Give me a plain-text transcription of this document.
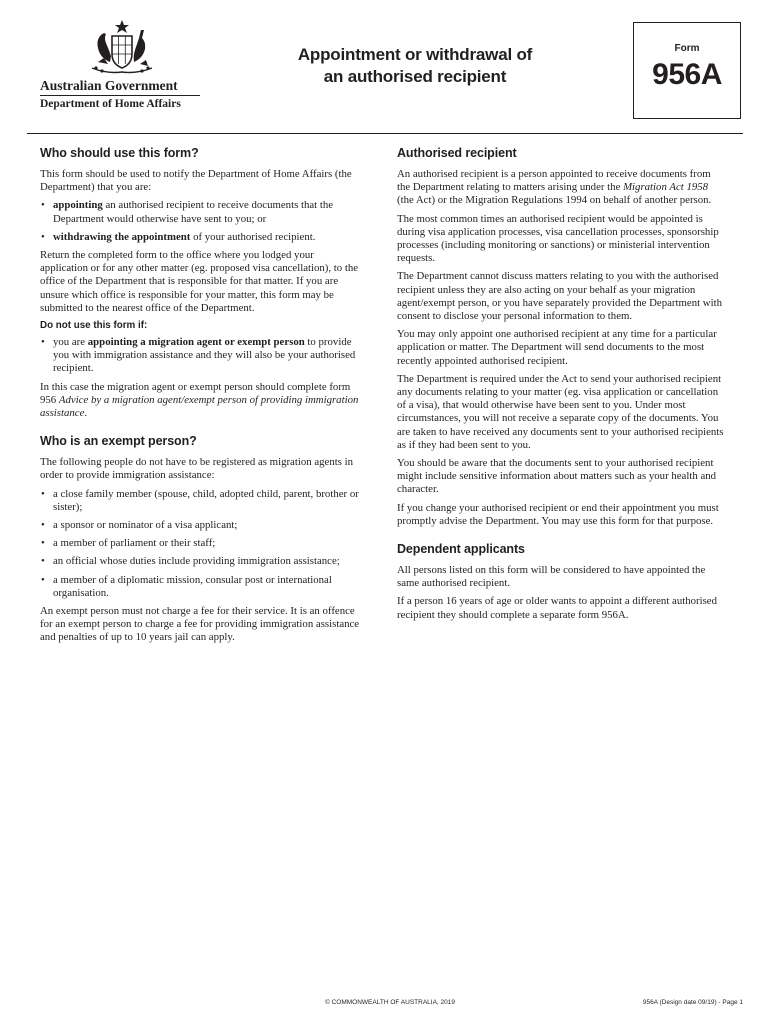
Australian Government
Department of Home Affairs
Appointment or withdrawal of
an authorised recipient
Form
956A
Who should use this form?

This form should be used to notify the Department of Home Affairs (the Department) that you are:

• appointing an authorised recipient to receive documents that the Department would otherwise have sent to you; or
• withdrawing the appointment of your authorised recipient.

Return the completed form to the office where you lodged your application or for any other matter (eg. proposed visa cancellation), to the office of the Department that is responsible for that matter. If you are unsure which office is responsible for your matter, this form may be submitted to the nearest office of the Department.

Do not use this form if:
• you are appointing a migration agent or exempt person to provide you with immigration assistance and they will also be your authorised recipient.

In this case the migration agent or exempt person should complete form 956 Advice by a migration agent/exempt person of providing immigration assistance.

Who is an exempt person?

The following people do not have to be registered as migration agents in order to provide immigration assistance:

• a close family member (spouse, child, adopted child, parent, brother or sister);
• a sponsor or nominator of a visa applicant;
• a member of parliament or their staff;
• an official whose duties include providing immigration assistance;
• a member of a diplomatic mission, consular post or international organisation.

An exempt person must not charge a fee for their service. It is an offence for an exempt person to charge a fee for providing immigration assistance and penalties of up to 10 years jail can apply.

Authorised recipient

An authorised recipient is a person appointed to receive documents from the Department relating to matters arising under the Migration Act 1958 (the Act) or the Migration Regulations 1994 on behalf of another person.

The most common times an authorised recipient would be appointed is during visa application processes, visa cancellation processes, sponsorship processes (including monitoring or sanctions) or ministerial intervention requests.

The Department cannot discuss matters relating to you with the authorised recipient unless they are also acting on your behalf as your migration agent/exempt person, or you have separately provided the Department with consent to disclose your personal information to them.

You may only appoint one authorised recipient at any time for a particular application or matter. The Department will send documents to the most recently appointed authorised recipient.

The Department is required under the Act to send your authorised recipient any documents relating to your matter (eg. visa application or cancellation of a visa), that would otherwise have been sent to you. Under most circumstances, you will not receive a separate copy of the documents. You are taken to have received any documents sent to your authorised recipients as if they had been sent to you.

You should be aware that the documents sent to your authorised recipient might include sensitive information about matters such as your health and character.

If you change your authorised recipient or end their appointment you must promptly advise the Department. You may use this form for that purpose.

Dependent applicants

All persons listed on this form will be considered to have appointed the same authorised recipient.

If a person 16 years of age or older wants to appoint a different authorised recipient they should complete a separate form 956A.

© COMMONWEALTH OF AUSTRALIA, 2019	956A (Design date 09/19) - Page 1
